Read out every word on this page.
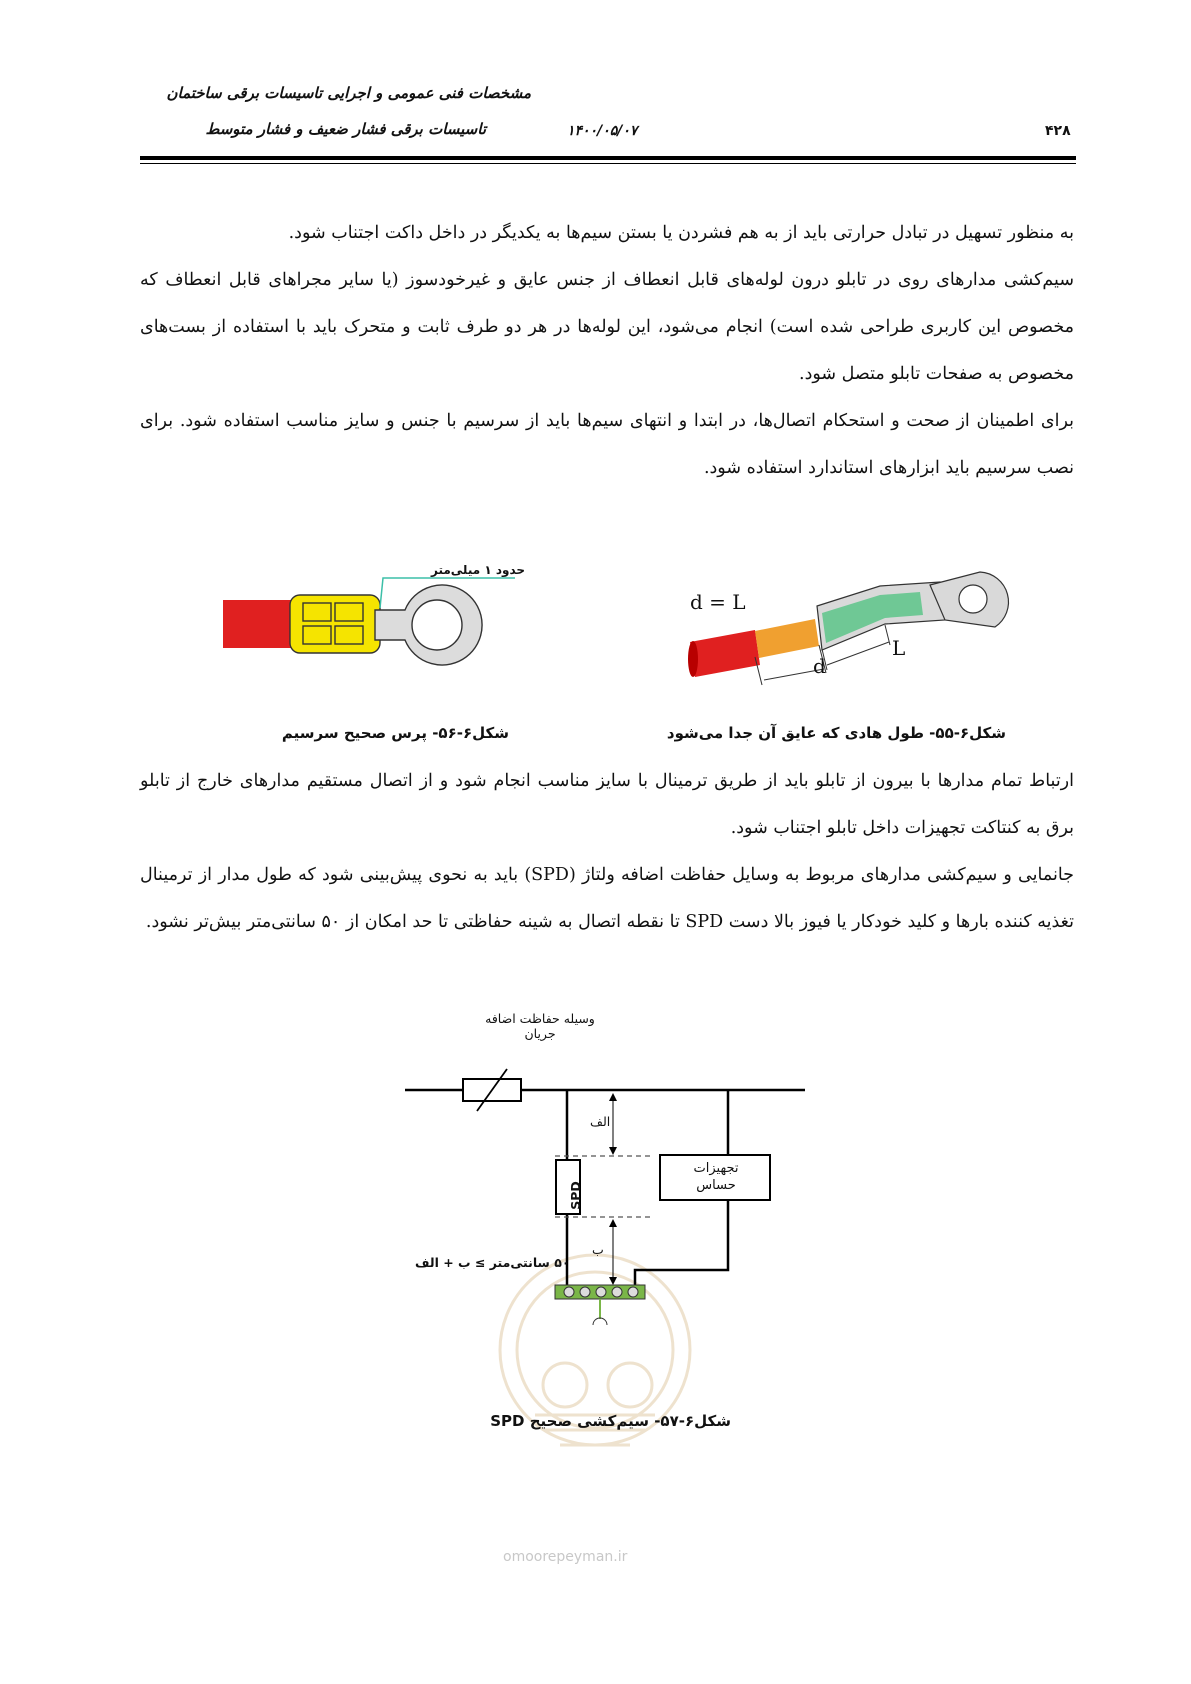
مشخصات فنی عمومی و اجرایی تاسیسات برقی ساختمان
تاسیسات برقی فشار ضعیف و فشار متوسط	۱۴۰۰/۰۵/۰۷	۴۲۸
به منظور تسهیل در تبادل حرارتی باید از به هم فشردن یا بستن سیم‌ها به یکدیگر در داخل داکت اجتناب شود.
سیم‌کشی مدارهای روی در تابلو درون لوله‌های قابل انعطاف از جنس عایق و غیرخودسوز (یا سایر مجراهای قابل انعطاف که مخصوص این کاربری طراحی شده است) انجام می‌شود، این لوله‌ها در هر دو طرف ثابت و متحرک باید با استفاده از بست‌های مخصوص به صفحات تابلو متصل شود.
برای اطمینان از صحت و استحکام اتصال‌ها، در ابتدا و انتهای سیم‌ها باید از سرسیم با جنس و سایز مناسب استفاده شود. برای نصب سرسیم باید ابزارهای استاندارد استفاده شود.
حدود ۱ میلی‌متر
شکل۶-۵۶- پرس صحیح سرسیم
d = L
d
L
شکل۶-۵۵- طول هادی که عایق آن جدا می‌شود
ارتباط تمام مدارها با بیرون از تابلو باید از طریق ترمینال با سایز مناسب انجام شود و از اتصال مستقیم مدارهای خارج از تابلو برق به کنتاکت تجهیزات داخل تابلو اجتناب شود.
جانمایی و سیم‌کشی مدارهای مربوط به وسایل حفاظت اضافه ولتاژ (SPD) باید به نحوی پیش‌بینی شود که طول مدار از ترمینال تغذیه کننده بارها و کلید خودکار یا فیوز بالا دست SPD تا نقطه اتصال به شینه حفاظتی تا حد امکان از ۵۰ سانتی‌متر بیش‌تر نشود.
omoorepeyman.ir
وسیله حفاظت اضافه جریان
SPD
تجهیزات حساس
الف
ب
۵۰ سانتی‌متر ≥ ب + الف
شکل۶-۵۷- سیم‌کشی صحیح SPD
